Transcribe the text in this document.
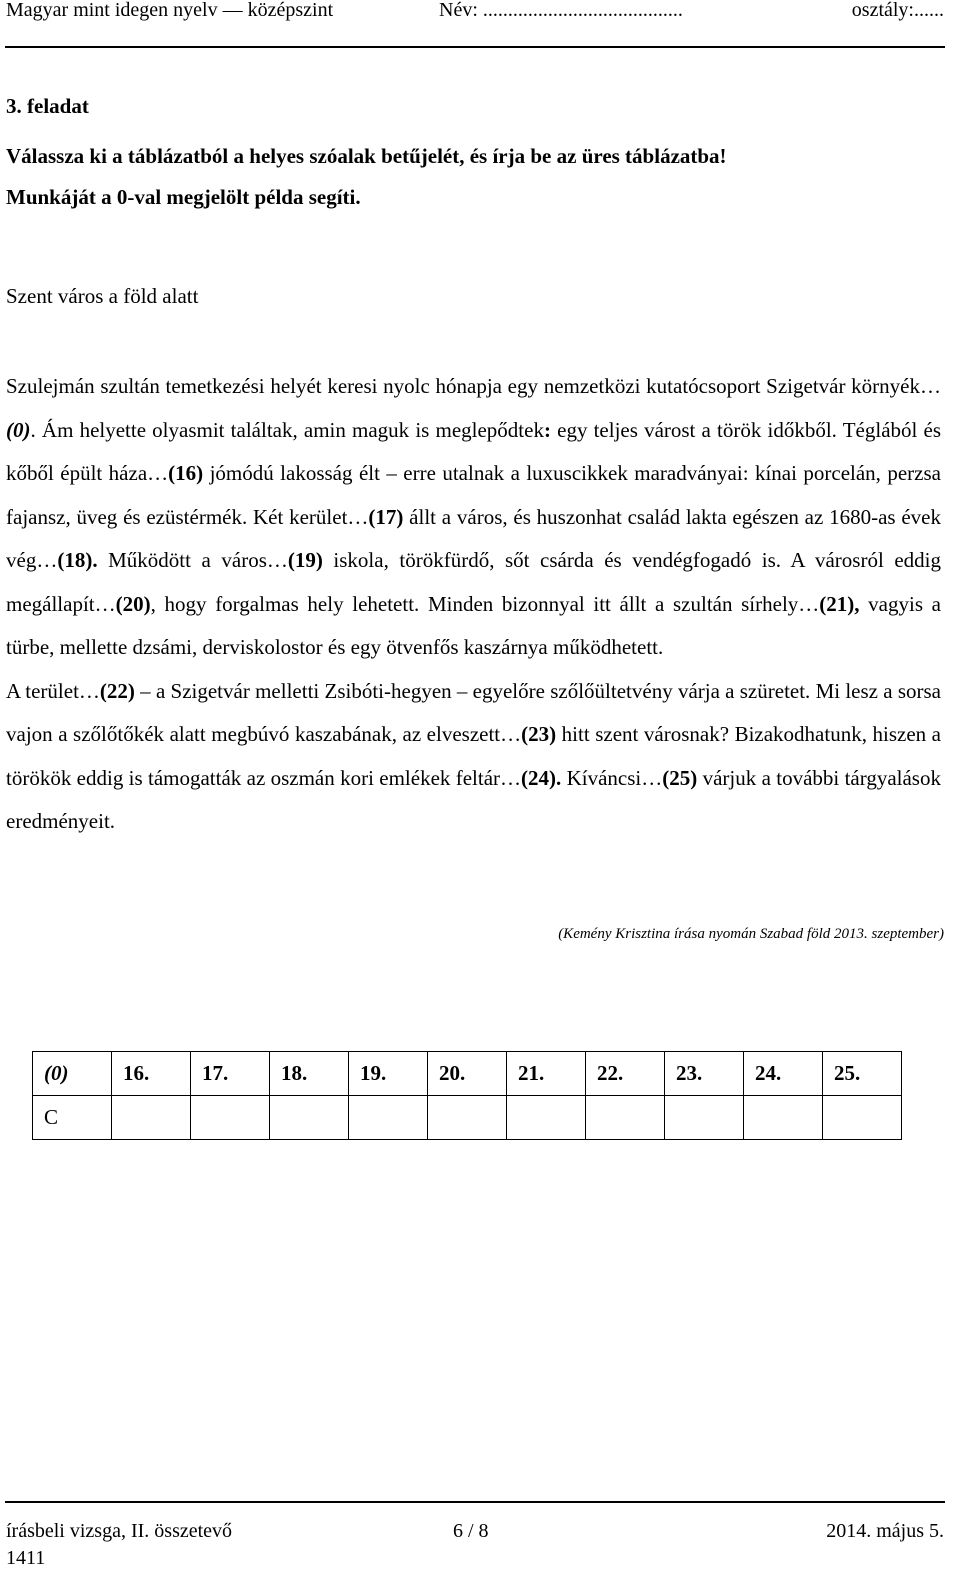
Magyar mint idegen nyelv — középszint	Név: ........................................	osztály:......
3. feladat
Válassza ki a táblázatból a helyes szóalak betűjelét, és írja be az üres táblázatba!
Munkáját a 0-val megjelölt példa segíti.
Szent város a föld alatt

Szulejmán szultán temetkezési helyét keresi nyolc hónapja egy nemzetközi kutatócsoport Szigetvár környék…(0). Ám helyette olyasmit találtak, amin maguk is meglepődtek: egy teljes várost a török időkből. Téglából és kőből épült háza…(16) jómódú lakosság élt – erre utalnak a luxuscikkek maradványai: kínai porcelán, perzsa fajansz, üveg és ezüstérmék. Két kerület…(17) állt a város, és huszonhat család lakta egészen az 1680-as évek vég…(18). Működött a város…(19) iskola, törökfürdő, sőt csárda és vendégfogadó is. A városról eddig megállapít…(20), hogy forgalmas hely lehetett. Minden bizonnyal itt állt a szultán sírhely…(21), vagyis a türbe, mellette dzsámi, derviskolostor és egy ötvenfős kaszárnya működhetett.

A terület…(22) – a Szigetvár melletti Zsibóti-hegyen – egyelőre szőlőültetvény várja a szüretet. Mi lesz a sorsa vajon a szőlőtőkék alatt megbúvó kaszabának, az elveszett…(23) hitt szent városnak? Bizakodhatunk, hiszen a törökök eddig is támogatták az oszmán kori emlékek feltár…(24). Kíváncsi…(25) várjuk a további tárgyalások eredményeit.

(Kemény Krisztina írása nyomán Szabad föld 2013. szeptember)
(0)	16.	17.	18.	19.	20.	21.	22.	23.	24.	25.
C										
írásbeli vizsga, II. összetevő
1411
6 / 8	2014. május 5.
